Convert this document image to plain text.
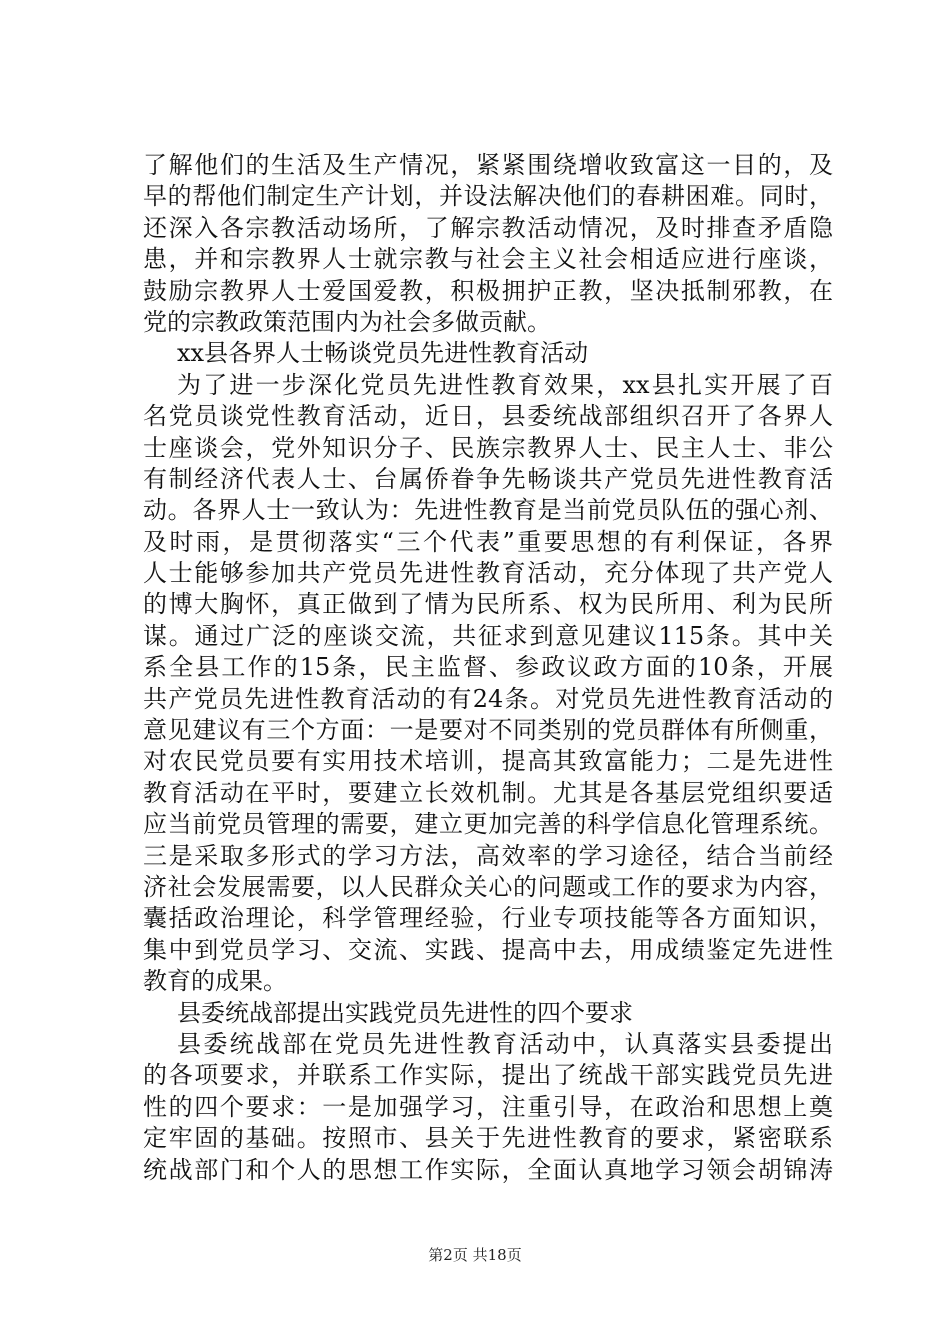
了解他们的生活及生产情况，紧紧围绕增收致富这一目的，及
早的帮他们制定生产计划，并设法解决他们的春耕困难。同时，
还深入各宗教活动场所，了解宗教活动情况，及时排查矛盾隐
患，并和宗教界人士就宗教与社会主义社会相适应进行座谈，
鼓励宗教界人士爱国爱教，积极拥护正教，坚决抵制邪教，在
党的宗教政策范围内为社会多做贡献。
xx县各界人士畅谈党员先进性教育活动
为了进一步深化党员先进性教育效果，xx县扎实开展了百
名党员谈党性教育活动，近日，县委统战部组织召开了各界人
士座谈会，党外知识分子、民族宗教界人士、民主人士、非公
有制经济代表人士、台属侨眷争先畅谈共产党员先进性教育活
动。各界人士一致认为：先进性教育是当前党员队伍的强心剂、
及时雨，是贯彻落实“三个代表”重要思想的有利保证，各界
人士能够参加共产党员先进性教育活动，充分体现了共产党人
的博大胸怀，真正做到了情为民所系、权为民所用、利为民所
谋。通过广泛的座谈交流，共征求到意见建议115条。其中关
系全县工作的15条，民主监督、参政议政方面的10条，开展
共产党员先进性教育活动的有24条。对党员先进性教育活动的
意见建议有三个方面：一是要对不同类别的党员群体有所侧重，
对农民党员要有实用技术培训，提高其致富能力；二是先进性
教育活动在平时，要建立长效机制。尤其是各基层党组织要适
应当前党员管理的需要，建立更加完善的科学信息化管理系统。
三是采取多形式的学习方法，高效率的学习途径，结合当前经
济社会发展需要，以人民群众关心的问题或工作的要求为内容，
囊括政治理论，科学管理经验，行业专项技能等各方面知识，
集中到党员学习、交流、实践、提高中去，用成绩鉴定先进性
教育的成果。
县委统战部提出实践党员先进性的四个要求
县委统战部在党员先进性教育活动中，认真落实县委提出
的各项要求，并联系工作实际，提出了统战干部实践党员先进
性的四个要求：一是加强学习，注重引导，在政治和思想上奠
定牢固的基础。按照市、县关于先进性教育的要求，紧密联系
统战部门和个人的思想工作实际，全面认真地学习领会胡锦涛
第2页 共18页
